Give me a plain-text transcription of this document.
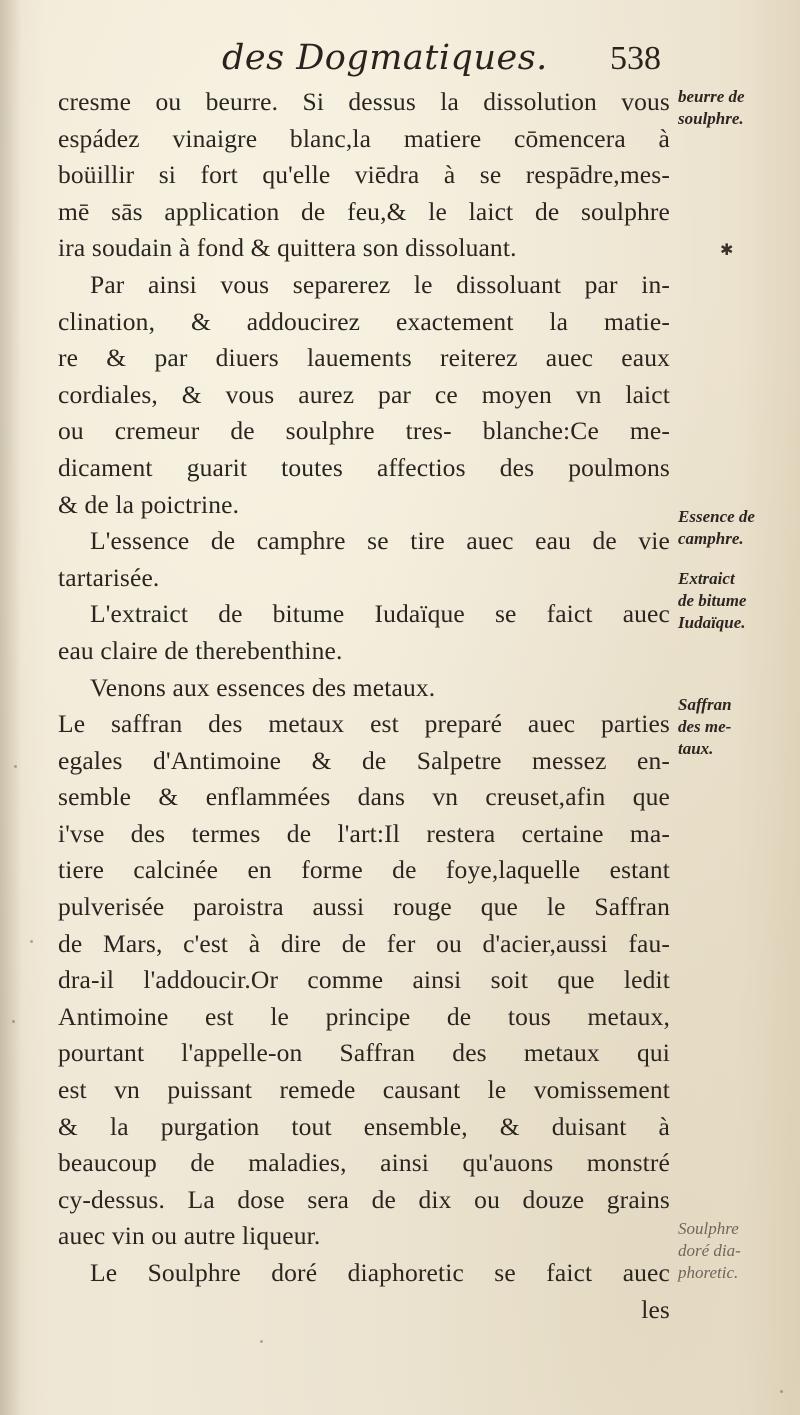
des Dogmatiques. 538
cresme ou beurre. Si dessus la dissolution vous
espádez vinaigre blanc,la matiere cōmencera à
boüillir si fort qu'elle viēdra à se respādre,mes-
mē sās application de feu,& le laict de soulphre
ira soudain à fond & quittera son dissoluant.
Par ainsi vous separerez le dissoluant par in-
clination, & addoucirez exactement la matie-
re & par diuers lauements reiterez auec eaux
cordiales, & vous aurez par ce moyen vn laict
ou cremeur de soulphre tres- blanche:Ce me-
dicament guarit toutes affectios des poulmons
& de la poictrine.
L'essence de camphre se tire auec eau de vie
tartarisée.
L'extraict de bitume Iudaïque se faict auec
eau claire de therebenthine.
Venons aux essences des metaux.
Le saffran des metaux est preparé auec parties
egales d'Antimoine & de Salpetre messez en-
semble & enflammées dans vn creuset,afin que
i'vse des termes de l'art:Il restera certaine ma-
tiere calcinée en forme de foye,laquelle estant
pulverisée paroistra aussi rouge que le Saffran
de Mars, c'est à dire de fer ou d'acier,aussi fau-
dra-il l'addoucir.Or comme ainsi soit que ledit
Antimoine est le principe de tous metaux,
pourtant l'appelle-on Saffran des metaux qui
est vn puissant remede causant le vomissement
& la purgation tout ensemble, & duisant à
beaucoup de maladies, ainsi qu'auons monstré
cy-dessus. La dose sera de dix ou douze grains
auec vin ou autre liqueur.
Le Soulphre doré diaphoretic se faict auec
les
✱
beurre de
soulphre.
Essence de
camphre.
Extraict
de bitume
Iudaïque.
Saffran
des me-
taux.
Soulphre
doré dia-
phoretic.
